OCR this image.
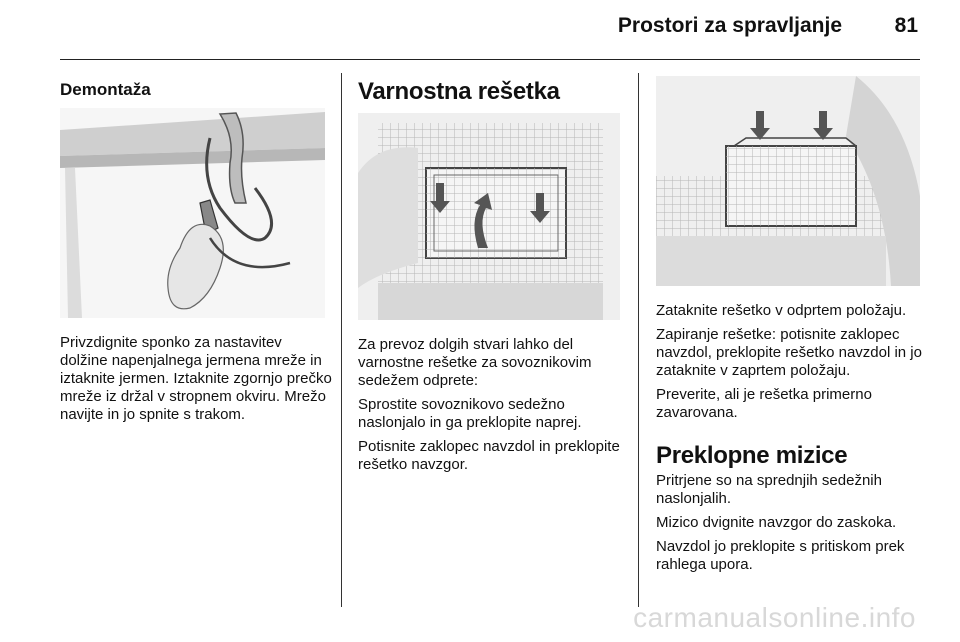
Prostori za spravljanje	81
Demontaža

Privzdignite sponko za nastavitev dolžine napenjalnega jermena mreže in iztaknite jermen. Iztaknite zgornjo prečko mreže iz držal v stropnem okviru. Mrežo navijte in jo spnite s trakom.

Varnostna rešetka

Za prevoz dolgih stvari lahko del varnostne rešetke za sovoznikovim sedežem odprete:

Sprostite sovoznikovo sedežno naslonjalo in ga preklopite naprej.

Potisnite zaklopec navzdol in preklopite rešetko navzgor.

Zataknite rešetko v odprtem položaju.

Zapiranje rešetke: potisnite zaklopec navzdol, preklopite rešetko navzdol in jo zataknite v zaprtem položaju.

Preverite, ali je rešetka primerno zavarovana.

Preklopne mizice

Pritrjene so na sprednjih sedežnih naslonjalih.

Mizico dvignite navzgor do zaskoka.

Navzdol jo preklopite s pritiskom prek rahlega upora.

carmanualsonline.info
